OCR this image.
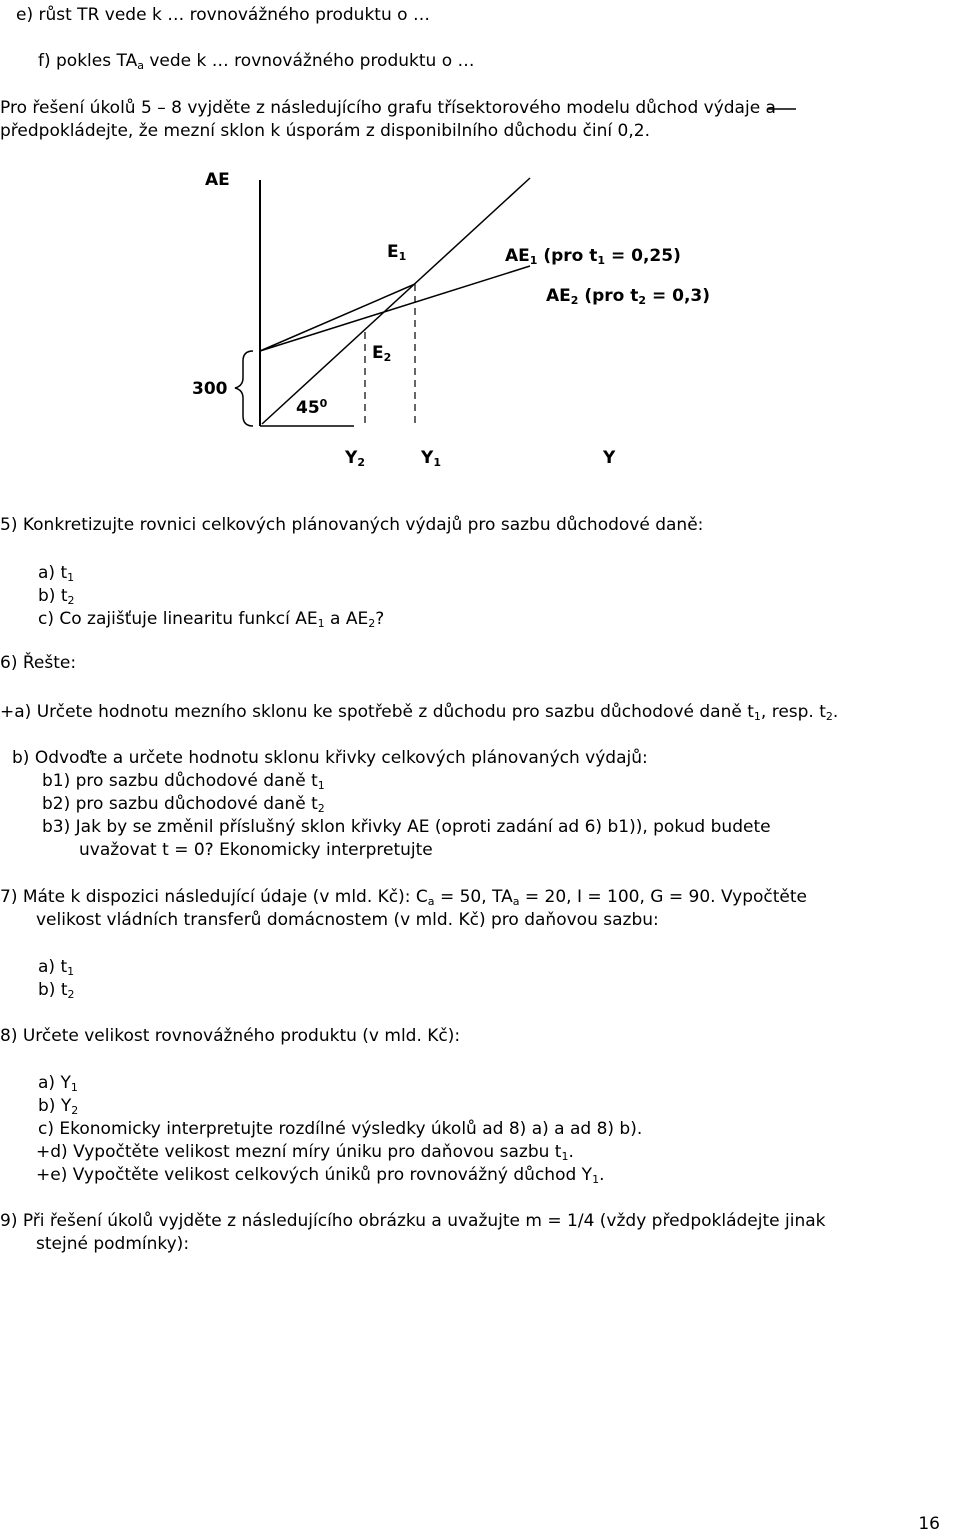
e) růst TR vede k … rovnovážného produktu o …
f) pokles $TA_a$ vede k … rovnovážného produktu o …
Pro řešení úkolů 5 – 8 vyjděte z následujícího grafu třísektorového modelu důchod výdaje a
předpokládejte, že mezní sklon k úsporám z disponibilního důchodu činí 0,2.
AE
$E_1$	$AE_1$ (pro $t_1 = 0,25$)
$AE_2$ (pro $t_2 = 0,3$)
$E_2$
300
$45^0$
$Y_2$	$Y_1$	Y
5) Konkretizujte rovnici celkových plánovaných výdajů pro sazbu důchodové daně:
a) $t_1$
b) $t_2$
c) Co zajišťuje linearitu funkcí $AE_1$ a $AE_2$?
6) Řešte:
+a) Určete hodnotu mezního sklonu ke spotřebě z důchodu pro sazbu důchodové daně $t_1$, resp. $t_2$.
b) Odvoďte a určete hodnotu sklonu křivky celkových plánovaných výdajů:
b1) pro sazbu důchodové daně $t_1$
b2) pro sazbu důchodové daně $t_2$
b3) Jak by se změnil příslušný sklon křivky AE (oproti zadání ad 6) b1)), pokud budete
uvažovat t = 0? Ekonomicky interpretujte
7) Máte k dispozici následující údaje (v mld. Kč): $C_a = 50$, $TA_a = 20$, I = 100, G = 90. Vypočtěte
velikost vládních transferů domácnostem (v mld. Kč) pro daňovou sazbu:
a) $t_1$
b) $t_2$
8) Určete velikost rovnovážného produktu (v mld. Kč):
a) $Y_1$
b) $Y_2$
c) Ekonomicky interpretujte rozdílné výsledky úkolů ad 8) a) a ad 8) b).
+d) Vypočtěte velikost mezní míry úniku pro daňovou sazbu $t_1$.
+e) Vypočtěte velikost celkových úniků pro rovnovážný důchod $Y_1$.
9) Při řešení úkolů vyjděte z následujícího obrázku a uvažujte m = 1/4 (vždy předpokládejte jinak
stejné podmínky):
16
